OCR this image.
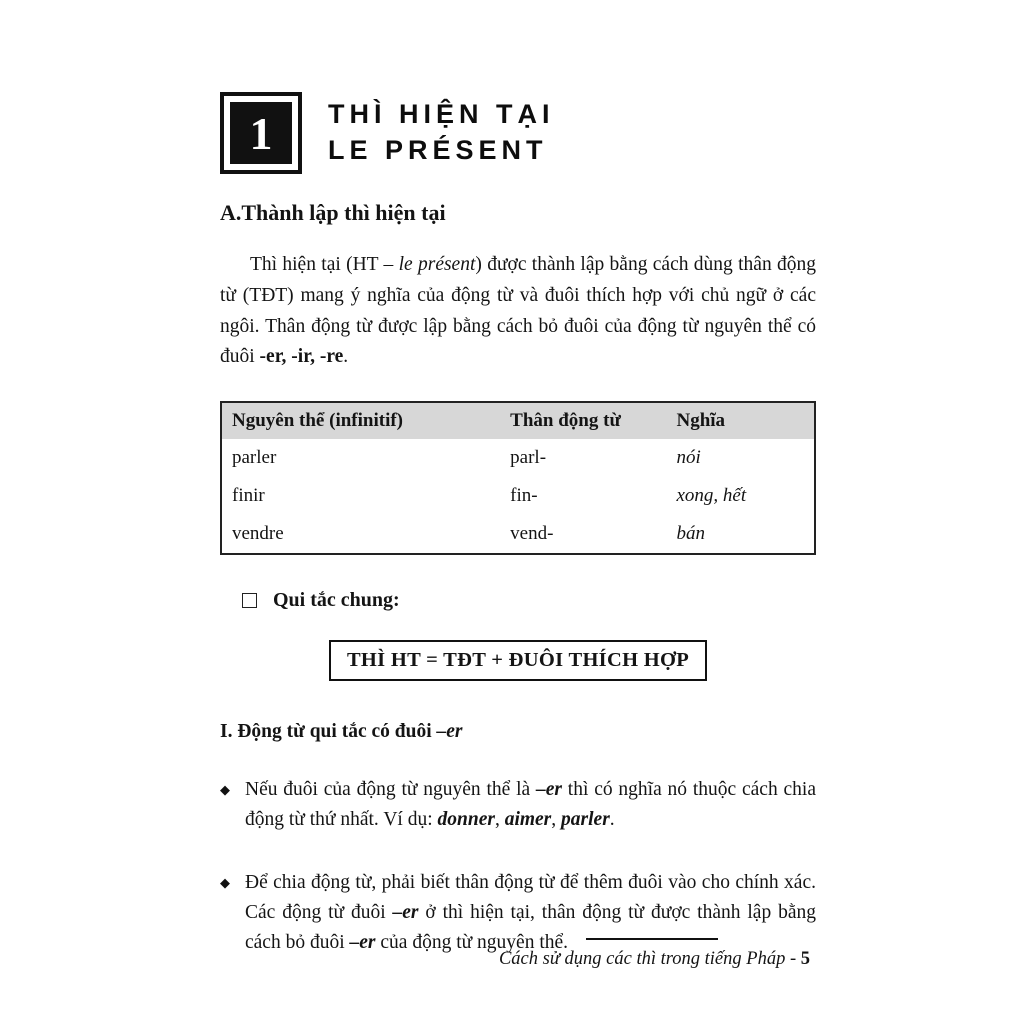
1	THÌ HIỆN TẠI
LE PRÉSENT
A.Thành lập thì hiện tại

Thì hiện tại (HT – le présent) được thành lập bằng cách dùng thân động từ (TĐT) mang ý nghĩa của động từ và đuôi thích hợp với chủ ngữ ở các ngôi. Thân động từ được lập bằng cách bỏ đuôi của động từ nguyên thể có đuôi -er, -ir, -re.

Nguyên thể (infinitif)	Thân động từ	Nghĩa
parler	parl-	nói
finir	fin-	xong, hết
vendre	vend-	bán
Qui tắc chung:
THÌ HT = TĐT + ĐUÔI THÍCH HỢP
I. Động từ qui tắc có đuôi –er
◆ Nếu đuôi của động từ nguyên thể là –er thì có nghĩa nó thuộc cách chia động từ thứ nhất. Ví dụ: donner, aimer, parler.

◆ Để chia động từ, phải biết thân động từ để thêm đuôi vào cho chính xác. Các động từ đuôi –er ở thì hiện tại, thân động từ được thành lập bằng cách bỏ đuôi –er của động từ nguyên thể.

Cách sử dụng các thì trong tiếng Pháp - 5
